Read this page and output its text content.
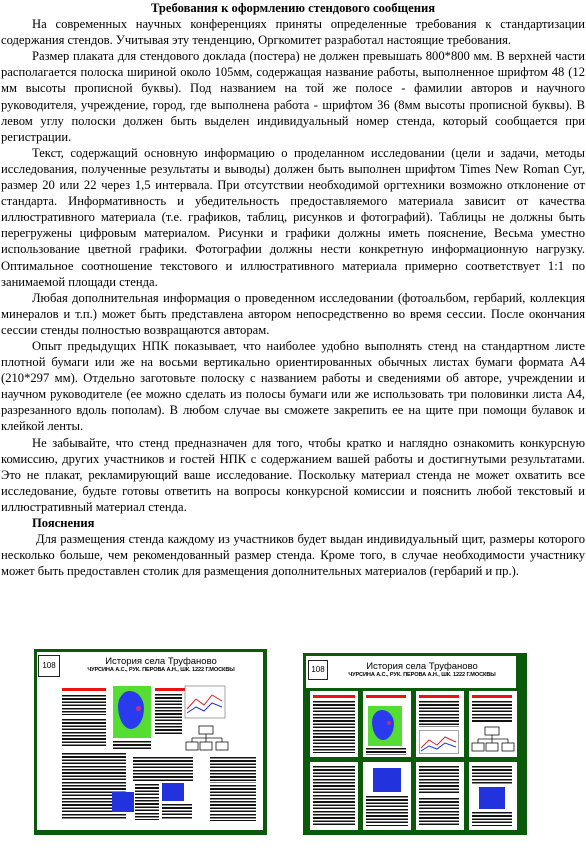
Требования к оформлению стендового сообщения

На современных научных конференциях приняты определенные требования к стандартизации содержания стендов. Учитывая эту тенденцию, Оргкомитет разработал настоящие требования.

Размер плаката для стендового доклада (постера) не должен превышать 800*800 мм. В верхней части располагается полоска шириной около 105мм, содержащая название работы, выполненное шрифтом 48 (12 мм высоты прописной буквы). Под названием на той же полосе - фамилии авторов и научного руководителя, учреждение, город, где выполнена работа - шрифтом 36 (8мм высоты прописной буквы). В левом углу полоски должен быть выделен индивидуальный номер стенда, который сообщается при регистрации.

Текст, содержащий основную информацию о проделанном исследовании (цели и задачи, методы исследования, полученные результаты и выводы) должен быть выполнен шрифтом Times New Roman Cyr, размер 20 или 22 через 1,5 интервала. При отсутствии необходимой оргтехники возможно отклонение от стандарта. Информативность и убедительность предоставляемого материала зависит от качества иллюстративного материала (т.е. графиков, таблиц, рисунков и фотографий). Таблицы не должны быть перегружены цифровым материалом. Рисунки и графики должны иметь пояснение, Весьма уместно использование цветной графики. Фотографии должны нести конкретную информационную нагрузку. Оптимальное соотношение текстового и иллюстративного материала примерно соответствует 1:1 по занимаемой площади стенда.

Любая дополнительная информация о проведенном исследовании (фотоальбом, гербарий, коллекция минералов и т.п.) может быть представлена автором непосредственно во время сессии. После окончания сессии стенды полностью возвращаются авторам.

Опыт предыдущих НПК показывает, что наиболее удобно выполнять стенд на стандартном листе плотной бумаги или же на восьми вертикально ориентированных обычных листах бумаги формата А4 (210*297 мм). Отдельно заготовьте полоску с названием работы и сведениями об авторе, учреждении и научном руководителе (ее можно сделать из полосы бумаги или же использовать три половинки листа А4, разрезанного вдоль пополам). В любом случае вы сможете закрепить ее на щите при помощи булавок и клейкой ленты.

Не забывайте, что стенд предназначен для того, чтобы кратко и наглядно ознакомить конкурсную комиссию, других участников и гостей НПК с содержанием вашей работы и достигнутыми результатами. Это не плакат, рекламирующий ваше исследование. Поскольку материал стенда не может охватить все исследование, будьте готовы ответить на вопросы конкурсной комиссии и пояснить любой текстовый и иллюстративный материал стенда.

Пояснения

Для размещения стенда каждому из участников будет выдан индивидуальный щит, размеры которого несколько больше, чем рекомендованный размер стенда. Кроме того, в случае необходимости участнику может быть предоставлен столик для размещения дополнительных материалов (гербарий и пр.).

108	История села Труфаново
ЧУРСИНА А.С., РУК. ПЕРОВА А.Н., ШК. 1222 Г.МОСКВЫ	108	История села Труфаново
ЧУРСИНА А.С., РУК. ПЕРОВА А.Н., ШК. 1222 Г.МОСКВЫ
